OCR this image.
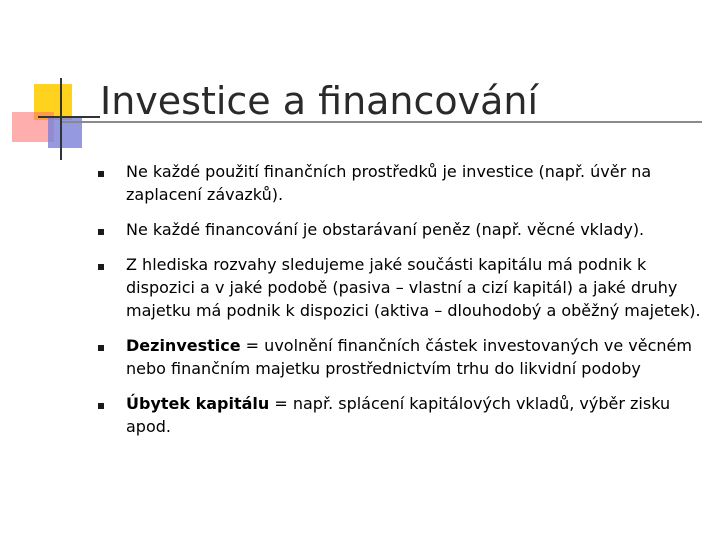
Investice a financování
Ne každé použití finančních prostředků je investice (např. úvěr na zaplacení závazků).
Ne každé financování je obstarávaní peněz (např. věcné vklady).
Z hlediska rozvahy sledujeme jaké součásti kapitálu má podnik k dispozici a v jaké podobě (pasiva – vlastní a cizí kapitál) a jaké druhy majetku má podnik k dispozici (aktiva – dlouhodobý a oběžný majetek).
Dezinvestice = uvolnění finančních částek investovaných ve věcném nebo finančním majetku prostřednictvím trhu do likvidní podoby
Úbytek kapitálu = např. splácení kapitálových vkladů, výběr zisku apod.
